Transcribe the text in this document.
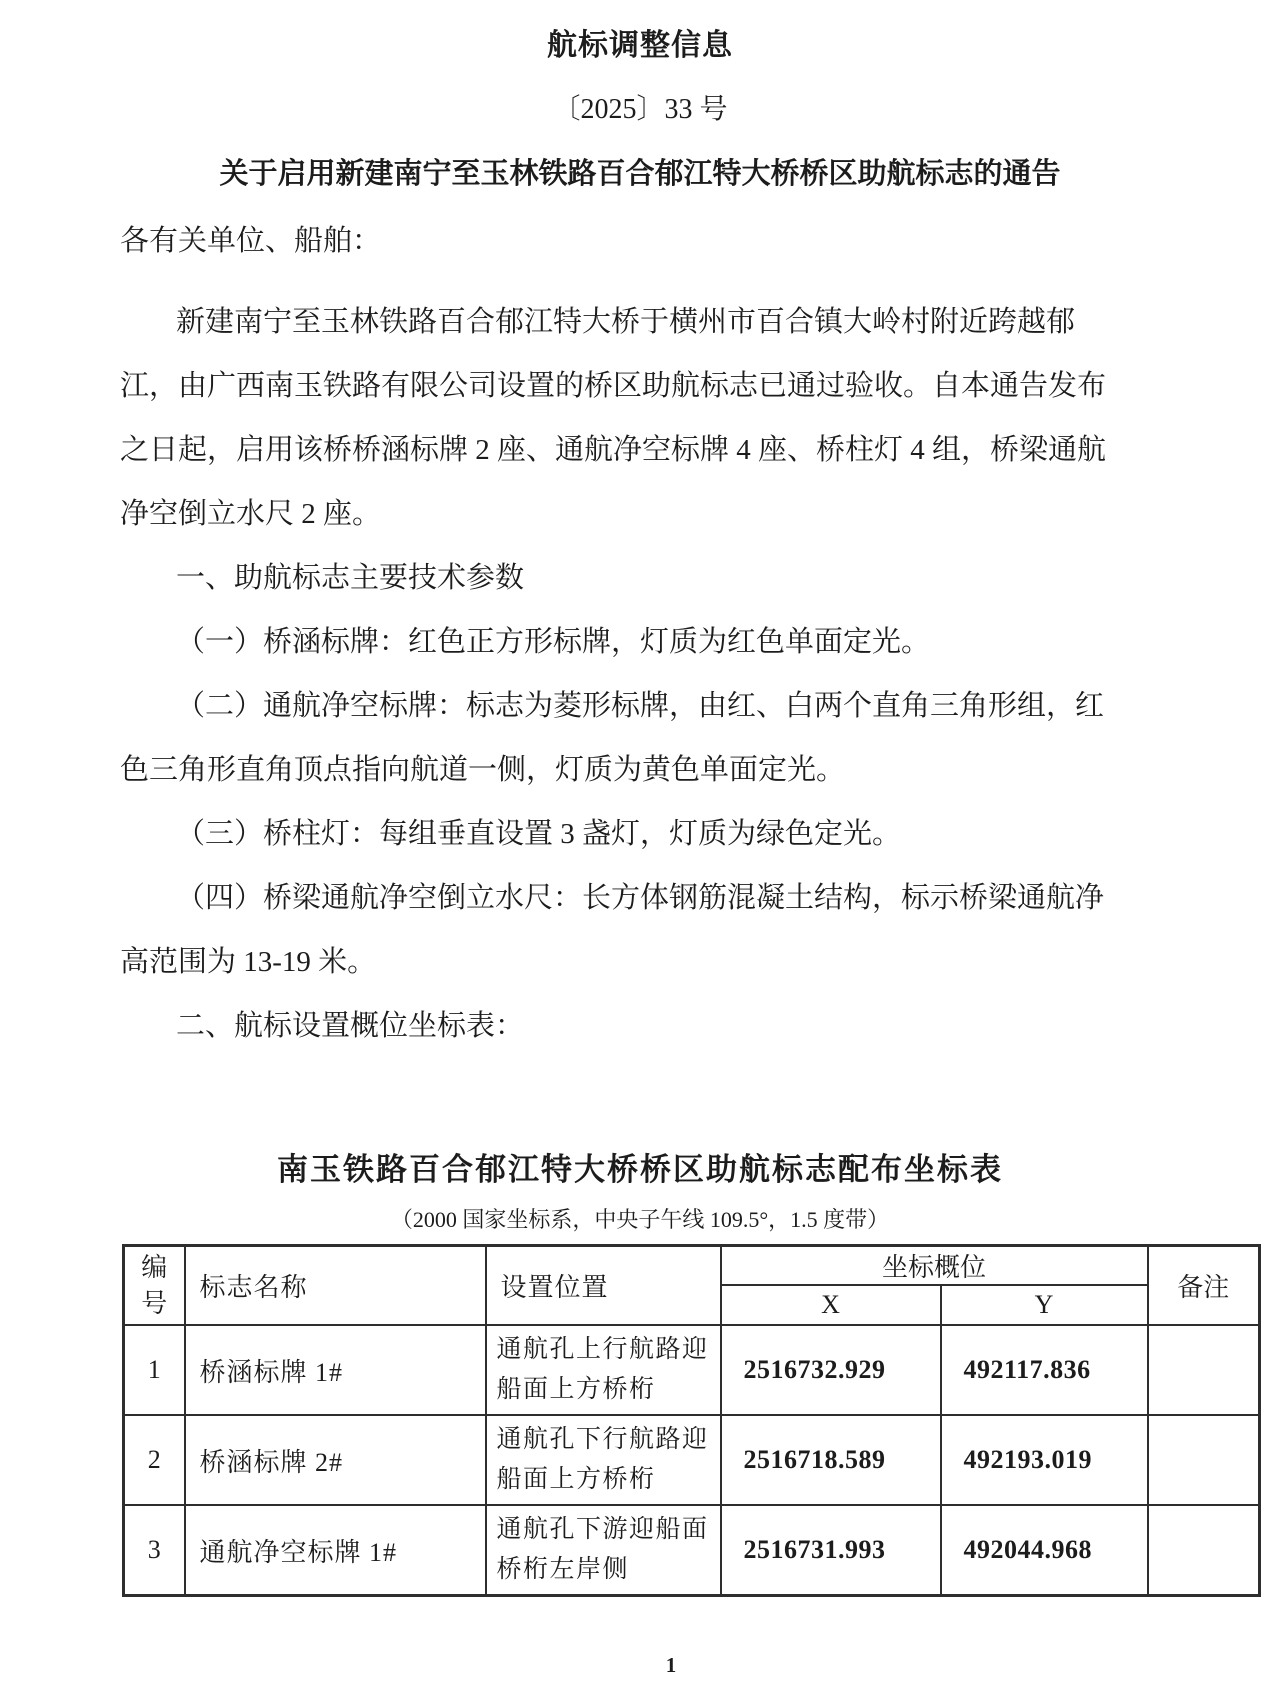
航标调整信息
〔2025〕33 号
关于启用新建南宁至玉林铁路百合郁江特大桥桥区助航标志的通告
各有关单位、船舶：
新建南宁至玉林铁路百合郁江特大桥于横州市百合镇大岭村附近跨越郁
江，由广西南玉铁路有限公司设置的桥区助航标志已通过验收。自本通告发布
之日起，启用该桥桥涵标牌 2 座、通航净空标牌 4 座、桥柱灯 4 组，桥梁通航
净空倒立水尺 2 座。
一、助航标志主要技术参数
（一）桥涵标牌：红色正方形标牌，灯质为红色单面定光。
（二）通航净空标牌：标志为菱形标牌，由红、白两个直角三角形组，红
色三角形直角顶点指向航道一侧，灯质为黄色单面定光。
（三）桥柱灯：每组垂直设置 3 盏灯，灯质为绿色定光。
（四）桥梁通航净空倒立水尺：长方体钢筋混凝土结构，标示桥梁通航净
高范围为 13-19 米。
二、航标设置概位坐标表：
南玉铁路百合郁江特大桥桥区助航标志配布坐标表
（2000 国家坐标系，中央子午线 109.5°，1.5 度带）
编号	标志名称	设置位置	坐标概位		备注
			X	Y	
1	桥涵标牌 1#	通航孔上行航路迎船面上方桥桁	2516732.929	492117.836	
2	桥涵标牌 2#	通航孔下行航路迎船面上方桥桁	2516718.589	492193.019	
3	通航净空标牌 1#	通航孔下游迎船面桥桁左岸侧	2516731.993	492044.968	
1
